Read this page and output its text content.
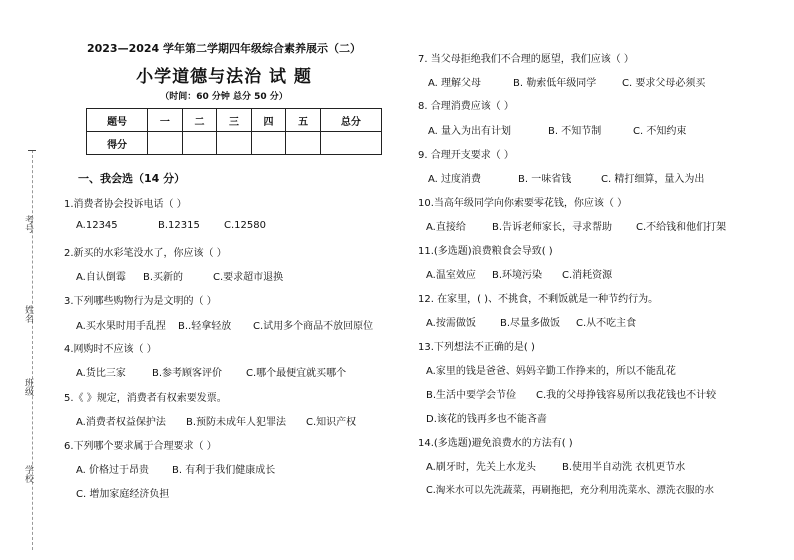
考号
姓名
班级
学校
2023—2024 学年第二学期四年级综合素养展示（二）
小学道德与法治 试 题
（时间：60 分钟 总分 50 分）
题号	一	二	三	四	五	总分
得分						
一、我会选（14 分）
1.消费者协会投诉电话（ ）
A.12345	B.12315 C.12580
2.新买的水彩笔没水了，你应该（ ）
A.自认倒霉 B.买新的	C.要求超市退换
3.下列哪些购物行为是文明的（ ）
A.买水果时用手乱捏 B..轻拿轻放 C.试用多个商品不放回原位
4.网购时不应该（ ）
A.货比三家	B.参考顾客评价 C.哪个最便宜就买哪个
5.《 》规定，消费者有权索要发票。
A.消费者权益保护法 B.预防未成年人犯罪法 C.知识产权
6.下列哪个要求属于合理要求（ ）
A. 价格过于昂贵 B. 有利于我们健康成长
C. 增加家庭经济负担
7. 当父母拒绝我们不合理的愿望，我们应该（ ）
A. 理解父母	B. 勒索低年级同学	C. 要求父母必须买
8. 合理消费应该（ ）
A. 量入为出有计划	B. 不知节制	C. 不知约束
9. 合理开支要求（ ）
A. 过度消费	B. 一味省钱	C. 精打细算，量入为出
10.当高年级同学向你索要零花钱，你应该（ ）
A.直接给	B.告诉老师家长，寻求帮助 C.不给钱和他们打架
11.(多选题)浪费粮食会导致( )
A.温室效应 B.环境污染 C.消耗资源
12. 在家里，( )、不挑食，不剩饭就是一种节约行为。
A.按需做饭 B.尽量多做饭 C.从不吃主食
13.下列想法不正确的是( )
A.家里的钱是爸爸、妈妈辛勤工作挣来的，所以不能乱花
B.生活中要学会节俭 C.我的父母挣钱容易所以我花钱也不计较
D.该花的钱再多也不能吝啬
14.(多选题)避免浪费水的方法有( )
A.刷牙时，先关上水龙头	B.使用半自动洗 衣机更节水
C.淘米水可以先洗蔬菜，再刷拖把，充分利用洗菜水、漂洗衣服的水
